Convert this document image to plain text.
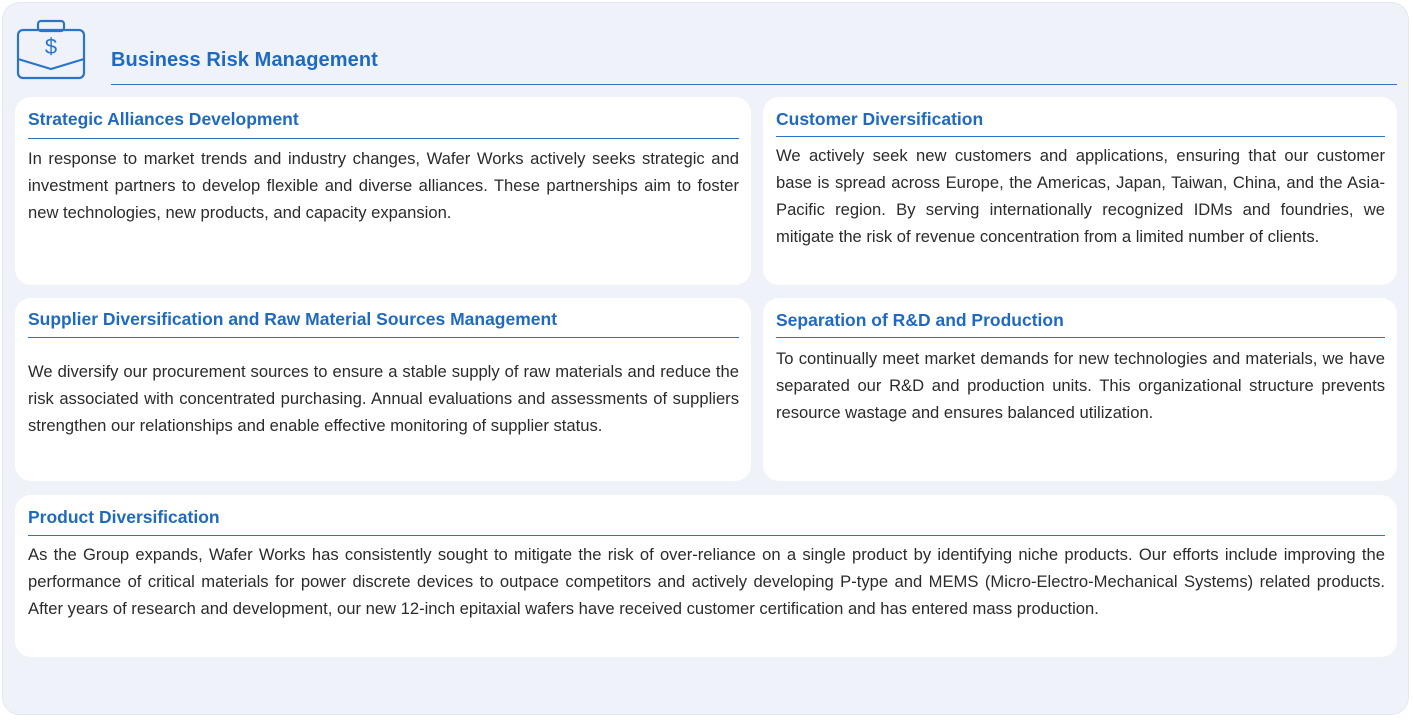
$
Business Risk Management
Strategic Alliances Development

In response to market trends and industry changes, Wafer Works actively seeks strategic and investment partners to develop flexible and diverse alliances. These partnerships aim to foster new technologies, new products, and capacity expansion.

Customer Diversification

We actively seek new customers and applications, ensuring that our customer base is spread across Europe, the Americas, Japan, Taiwan, China, and the Asia-Pacific region. By serving internationally recognized IDMs and foundries, we mitigate the risk of revenue concentration from a limited number of clients.

Supplier Diversification and Raw Material Sources Management

We diversify our procurement sources to ensure a stable supply of raw materials and reduce the risk associated with concentrated purchasing. Annual evaluations and assessments of suppliers strengthen our relationships and enable effective monitoring of supplier status.

Separation of R&D and Production

To continually meet market demands for new technologies and materials, we have separated our R&D and production units. This organizational structure prevents resource wastage and ensures balanced utilization.

Product Diversification

As the Group expands, Wafer Works has consistently sought to mitigate the risk of over-reliance on a single product by identifying niche products. Our efforts include improving the performance of critical materials for power discrete devices to outpace competitors and actively developing P-type and MEMS (Micro-Electro-Mechanical Systems) related products. After years of research and development, our new 12-inch epitaxial wafers have received customer certification and has entered mass production.
